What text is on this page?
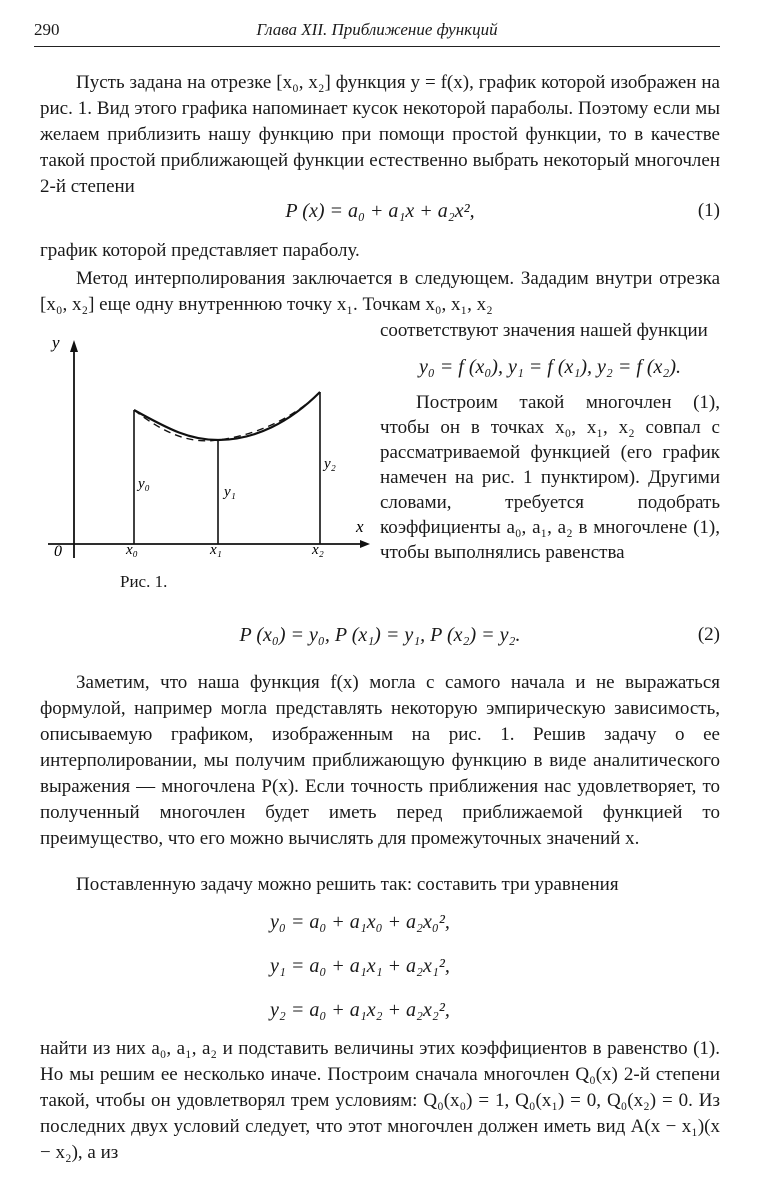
290	Глава XII. Приближение функций
Пусть задана на отрезке [x₀, x₂] функция y = f(x), график которой изображен на рис. 1. Вид этого графика напоминает кусок некоторой параболы. Поэтому если мы желаем приблизить нашу функцию при помощи простой функции, то в качестве такой простой приближающей функции естественно выбрать некоторый многочлен 2-й степени
P (x) = a₀ + a₁x + a₂x²,	(1)
график которой представляет параболу.
Метод интерполирования заключается в следующем. Зададим внутри отрезка [x₀, x₂] еще одну внутреннюю точку x₁. Точкам x₀, x₁, x₂
соответствуют значения нашей функции
y₀ = f (x₀), y₁ = f (x₁), y₂ = f (x₂).
Построим такой многочлен (1), чтобы он в точках x₀, x₁, x₂ совпал с рассматриваемой функцией (его график намечен на рис. 1 пунктиром). Другими словами, требуется подобрать коэффициенты a₀, a₁, a₂ в многочлене (1), чтобы выполнялись равенства
y
x
0	x₀	x₁	x₂
y₀	y₁
y₂
Рис. 1.
P (x₀) = y₀, P (x₁) = y₁, P (x₂) = y₂.	(2)
Заметим, что наша функция f(x) могла с самого начала и не выражаться формулой, например могла представлять некоторую эмпирическую зависимость, описываемую графиком, изображенным на рис. 1. Решив задачу о ее интерполировании, мы получим приближающую функцию в виде аналитического выражения — многочлена P(x). Если точность приближения нас удовлетворяет, то полученный многочлен будет иметь перед приближаемой функцией то преимущество, что его можно вычислять для промежуточных значений x.
Поставленную задачу можно решить так: составить три уравнения
y₀ = a₀ + a₁x₀ + a₂x₀²,
y₁ = a₀ + a₁x₁ + a₂x₁²,
y₂ = a₀ + a₁x₂ + a₂x₂²,
найти из них a₀, a₁, a₂ и подставить величины этих коэффициентов в равенство (1). Но мы решим ее несколько иначе. Построим сначала многочлен Q₀(x) 2-й степени такой, чтобы он удовлетворял трем условиям: Q₀(x₀) = 1, Q₀(x₁) = 0, Q₀(x₂) = 0. Из последних двух условий следует, что этот многочлен должен иметь вид A(x − x₁)(x − x₂), а из
